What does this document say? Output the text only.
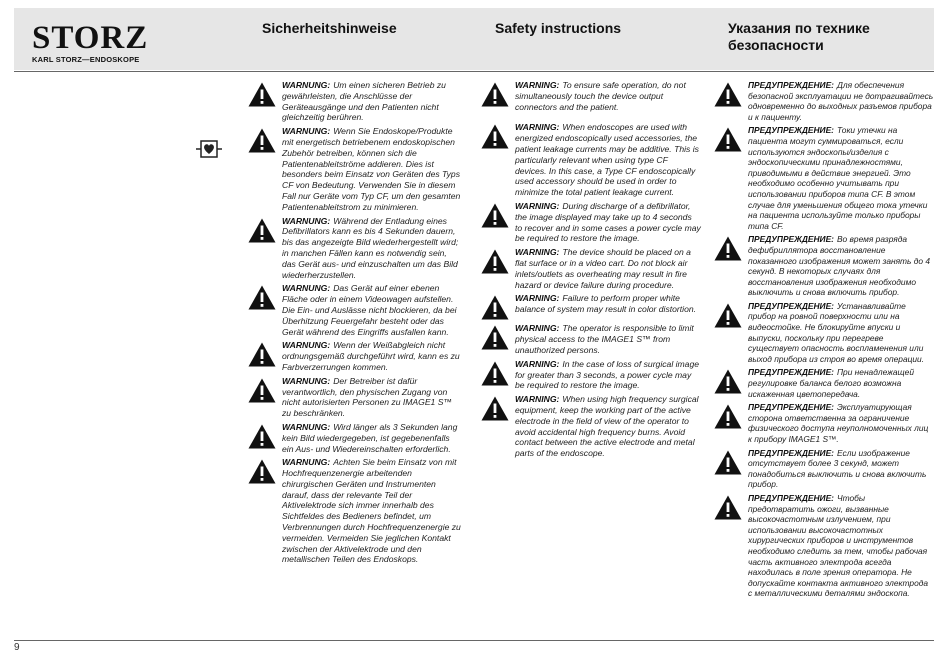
STORZ
KARL STORZ—ENDOSKOPE
Sicherheitshinweise	Safety instructions	Указания по технике безопасности
WARNUNG: Um einen sicheren Betrieb zu gewährleisten, die Anschlüsse der Geräteausgänge und den Patienten nicht gleichzeitig berühren.
WARNUNG: Wenn Sie Endoskope/Produkte mit energetisch betriebenem endoskopischen Zubehör betreiben, können sich die Patientenableitströme addieren. Dies ist besonders beim Einsatz von Geräten des Typs CF von Bedeutung. Verwenden Sie in diesem Fall nur Geräte vom Typ CF, um den gesamten Patientenableitstrom zu minimieren.
WARNUNG: Während der Entladung eines Defibrillators kann es bis 4 Sekunden dauern, bis das angezeigte Bild wiederhergestellt wird; in manchen Fällen kann es notwendig sein, das Gerät aus- und einzuschalten um das Bild wiederherzustellen.
WARNUNG: Das Gerät auf einer ebenen Fläche oder in einem Videowagen aufstellen. Die Ein- und Auslässe nicht blockieren, da bei Überhitzung Feuergefahr besteht oder das Gerät während des Eingriffs ausfallen kann.
WARNUNG: Wenn der Weißabgleich nicht ordnungsgemäß durchgeführt wird, kann es zu Farbverzerrungen kommen.
WARNUNG: Der Betreiber ist dafür verantwortlich, den physischen Zugang von nicht autorisierten Personen zu IMAGE1 S™ zu beschränken.
WARNUNG: Wird länger als 3 Sekunden lang kein Bild wiedergegeben, ist gegebenenfalls ein Aus- und Wiedereinschalten erforderlich.
WARNUNG: Achten Sie beim Einsatz von mit Hochfrequenzenergie arbeitenden chirurgischen Geräten und Instrumenten darauf, dass der relevante Teil der Aktivelektrode sich immer innerhalb des Sichtfeldes des Bedieners befindet, um Verbrennungen durch Hochfrequenzenergie zu vermeiden. Vermeiden Sie jeglichen Kontakt zwischen der Aktivelektrode und den metallischen Teilen des Endoskops.
WARNING: To ensure safe operation, do not simultaneously touch the device output connectors and the patient.
WARNING: When endoscopes are used with energized endoscopically used accessories, the patient leakage currents may be additive. This is particularly relevant when using type CF devices. In this case, a Type CF endoscopically used accessory should be used in order to minimize the total patient leakage current.
WARNING: During discharge of a defibrillator, the image displayed may take up to 4 seconds to recover and in some cases a power cycle may be required to restore the image.
WARNING: The device should be placed on a flat surface or in a video cart. Do not block air inlets/outlets as overheating may result in fire hazard or device failure during procedure.
WARNING: Failure to perform proper white balance of system may result in color distortion.
WARNING: The operator is responsible to limit physical access to the IMAGE1 S™ from unauthorized persons.
WARNING: In the case of loss of surgical image for greater than 3 seconds, a power cycle may be required to restore the image.
WARNING: When using high frequency surgical equipment, keep the working part of the active electrode in the field of view of the operator to avoid accidental high frequency burns. Avoid contact between the active electrode and metal parts of the endoscope.
ПРЕДУПРЕЖДЕНИЕ: Для обеспечения безопасной эксплуатации не дотрагивайтесь одновременно до выходных разъемов прибора и к пациенту.
ПРЕДУПРЕЖДЕНИЕ: Токи утечки на пациента могут суммироваться, если используются эндоскопы/изделия с эндоскопическими принадлежностями, приводимыми в действие энергией. Это необходимо особенно учитывать при использовании приборов типа CF. В этом случае для уменьшения общего тока утечки на пациента используйте только приборы типа CF.
ПРЕДУПРЕЖДЕНИЕ: Во время разряда дефибриллятора восстановление показанного изображения может занять до 4 секунд. В некоторых случаях для восстановления изображения необходимо выключить и снова включить прибор.
ПРЕДУПРЕЖДЕНИЕ: Устанавливайте прибор на ровной поверхности или на видеостойке. Не блокируйте впуски и выпуски, поскольку при перегреве существует опасность воспламенения или выход прибора из строя во время операции.
ПРЕДУПРЕЖДЕНИЕ: При ненадлежащей регулировке баланса белого возможна искаженная цветопередача.
ПРЕДУПРЕЖДЕНИЕ: Эксплуатирующая сторона ответственна за ограничение физического доступа неуполномоченных лиц к прибору IMAGE1 S™.
ПРЕДУПРЕЖДЕНИЕ: Если изображение отсутствует более 3 секунд, может понадобиться выключить и снова включить прибор.
ПРЕДУПРЕЖДЕНИЕ: Чтобы предотвратить ожоги, вызванные высокочастотным излучением, при использовании высокочастотных хирургических приборов и инструментов необходимо следить за тем, чтобы рабочая часть активного электрода всегда находилась в поле зрения оператора. Не допускайте контакта активного электрода с металлическими деталями эндоскопа.
9
